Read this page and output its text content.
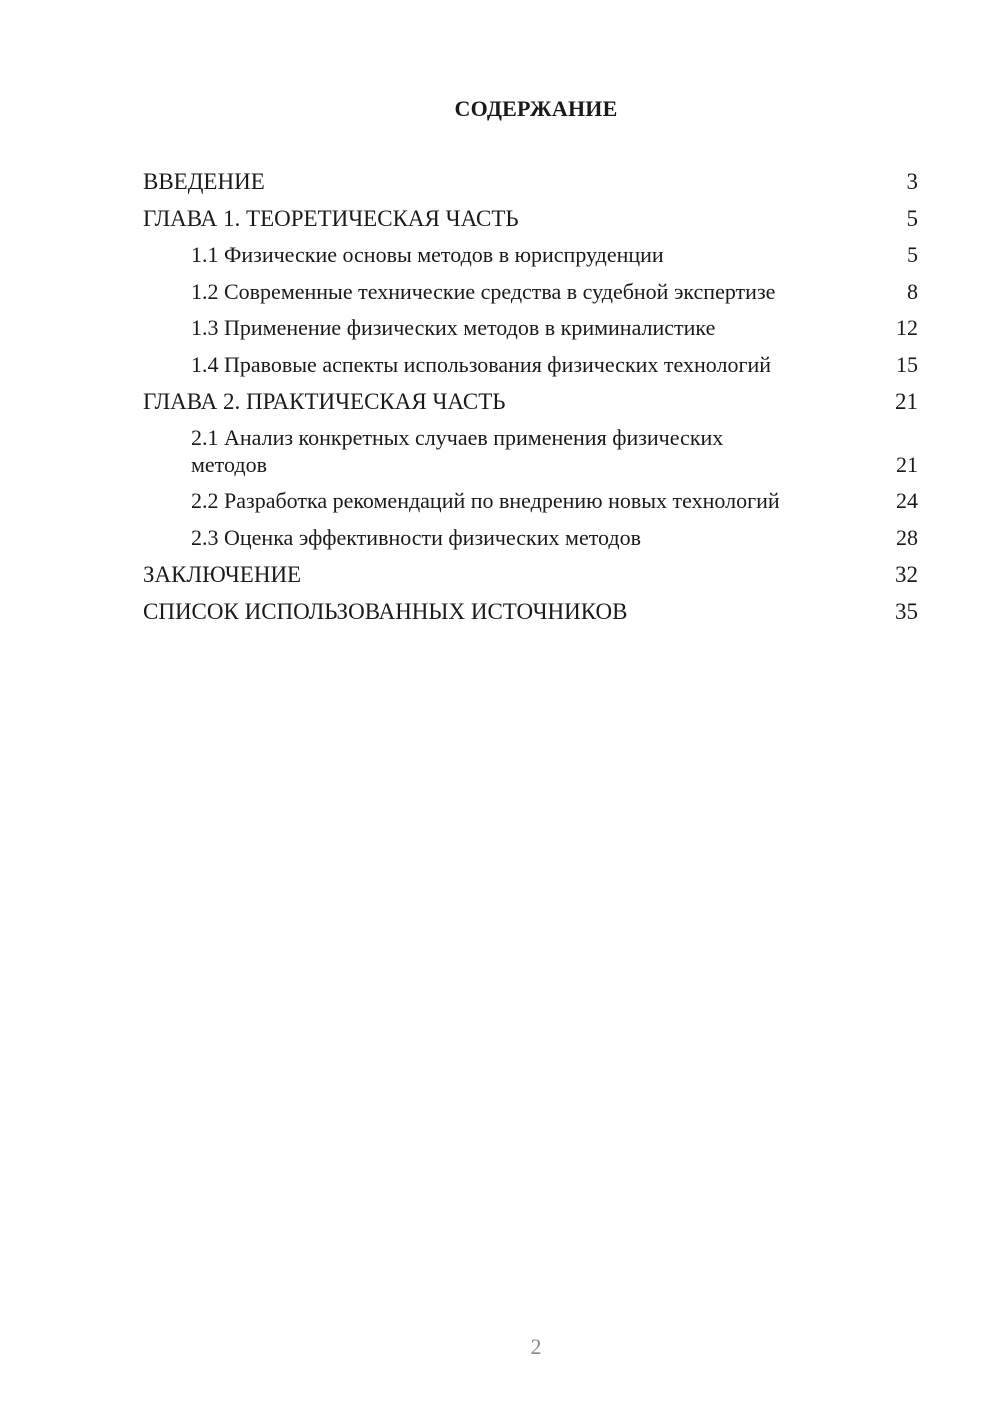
СОДЕРЖАНИЕ
ВВЕДЕНИЕ	3
ГЛАВА 1. ТЕОРЕТИЧЕСКАЯ ЧАСТЬ	5
1.1 Физические основы методов в юриспруденции	5
1.2 Современные технические средства в судебной экспертизе	8
1.3 Применение физических методов в криминалистике	12
1.4 Правовые аспекты использования физических технологий	15
ГЛАВА 2. ПРАКТИЧЕСКАЯ ЧАСТЬ	21
2.1 Анализ конкретных случаев применения физических методов	21
2.2 Разработка рекомендаций по внедрению новых технологий	24
2.3 Оценка эффективности физических методов	28
ЗАКЛЮЧЕНИЕ	32
СПИСОК ИСПОЛЬЗОВАННЫХ ИСТОЧНИКОВ	35
2
